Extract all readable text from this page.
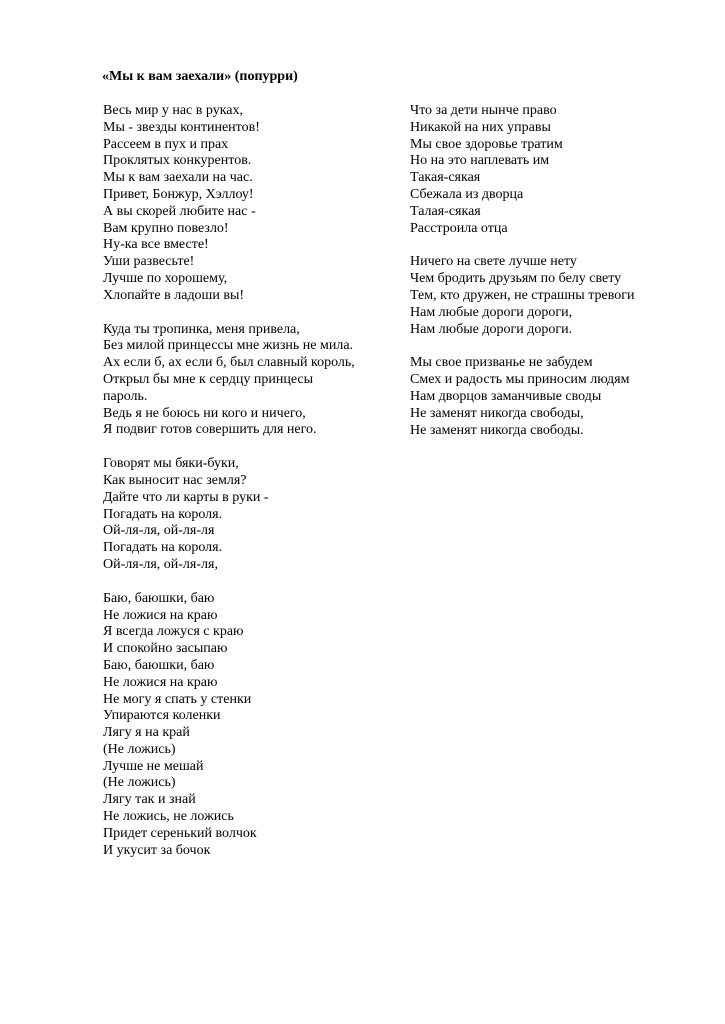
«Мы к вам заехали» (попурри)
Весь мир у нас в руках,
Мы - звезды континентов!
Рассеем в пух и прах
Проклятых конкурентов.
Мы к вам заехали на час.
Привет, Бонжур, Хэллоу!
А вы скорей любите нас -
Вам крупно повезло!
Ну-ка все вместе!
Уши развесьте!
Лучше по хорошему,
Хлопайте в ладоши вы!
Куда ты тропинка, меня привела,
Без милой принцессы мне жизнь не мила.
Ах если б, ах если б, был славный король,
Открыл бы мне к сердцу принцесы
пароль.
Ведь я не боюсь ни кого и ничего,
Я подвиг готов совершить для него.
Говорят мы бяки-буки,
Как выносит нас земля?
Дайте что ли карты в руки -
Погадать на короля.
Ой-ля-ля, ой-ля-ля
Погадать на короля.
Ой-ля-ля, ой-ля-ля,
Баю, баюшки, баю
Не ложися на краю
Я всегда ложуся с краю
И спокойно засыпаю
Баю, баюшки, баю
Не ложися на краю
Не могу я спать у стенки
Упираются коленки
Лягу я на край
(Не ложись)
Лучше не мешай
(Не ложись)
Лягу так и знай
Не ложись, не ложись
Придет серенький волчок
И укусит за бочок
Что за дети нынче право
Никакой на них управы
Мы свое здоровье тратим
Но на это наплевать им
Такая-сякая
Сбежала из дворца
Талая-сякая
Расстроила отца
Ничего на свете лучше нету
Чем бродить друзьям по белу свету
Тем, кто дружен, не страшны тревоги
Нам любые дороги дороги,
Нам любые дороги дороги.
Мы свое призванье не забудем
Смех и радость мы приносим людям
Нам дворцов заманчивые своды
Не заменят никогда свободы,
Не заменят никогда свободы.
